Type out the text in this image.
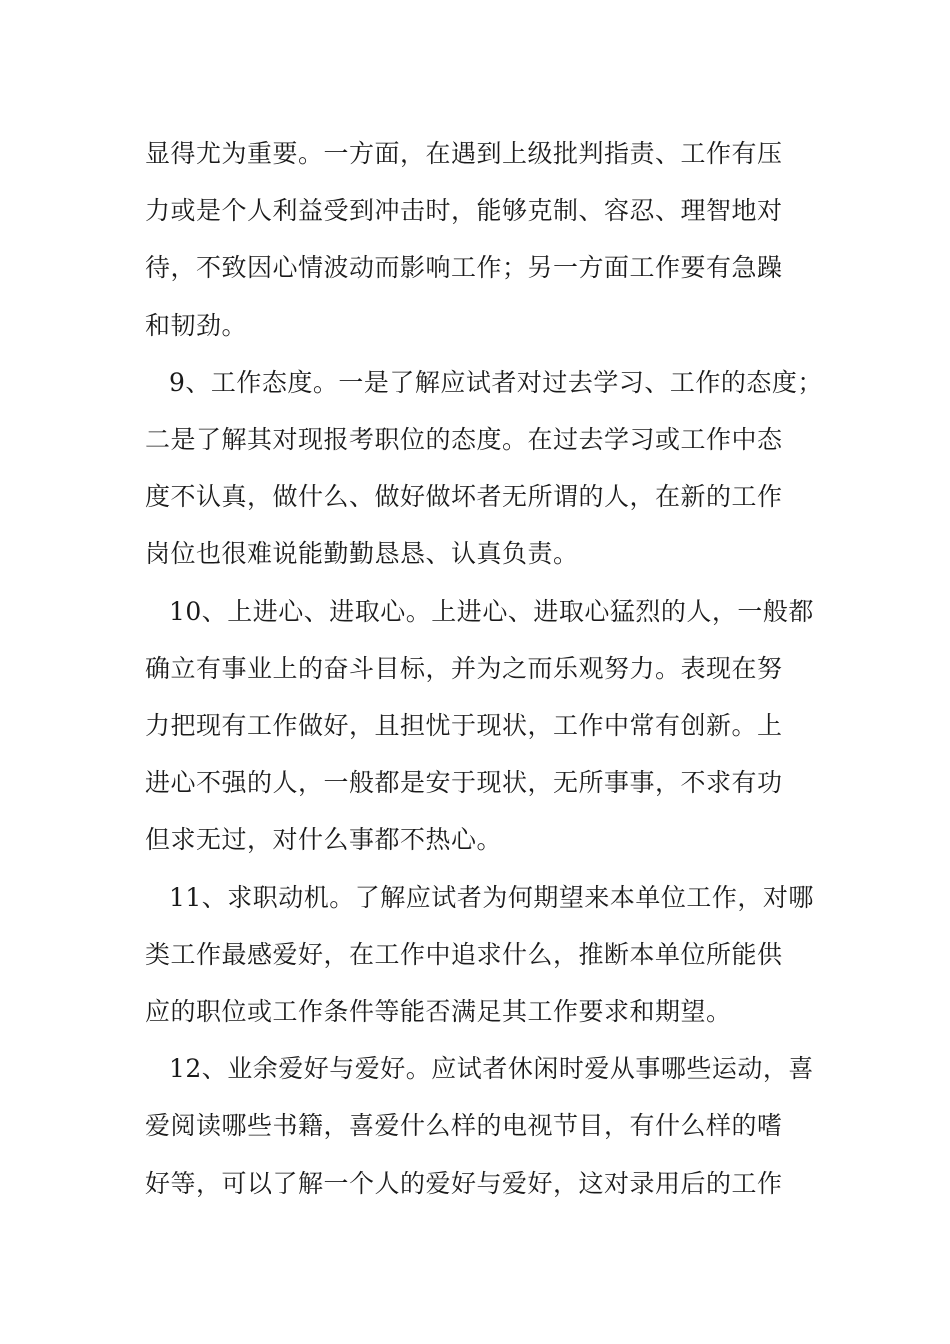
显得尤为重要。一方面，在遇到上级批判指责、工作有压
力或是个人利益受到冲击时，能够克制、容忍、理智地对
待，不致因心情波动而影响工作；另一方面工作要有急躁
和韧劲。

9、工作态度。一是了解应试者对过去学习、工作的态度；
二是了解其对现报考职位的态度。在过去学习或工作中态
度不认真，做什么、做好做坏者无所谓的人，在新的工作
岗位也很难说能勤勤恳恳、认真负责。

10、上进心、进取心。上进心、进取心猛烈的人，一般都
确立有事业上的奋斗目标，并为之而乐观努力。表现在努
力把现有工作做好，且担忧于现状，工作中常有创新。上
进心不强的人，一般都是安于现状，无所事事，不求有功
但求无过，对什么事都不热心。

11、求职动机。了解应试者为何期望来本单位工作，对哪
类工作最感爱好，在工作中追求什么，推断本单位所能供
应的职位或工作条件等能否满足其工作要求和期望。

12、业余爱好与爱好。应试者休闲时爱从事哪些运动，喜
爱阅读哪些书籍，喜爱什么样的电视节目，有什么样的嗜
好等，可以了解一个人的爱好与爱好，这对录用后的工作
